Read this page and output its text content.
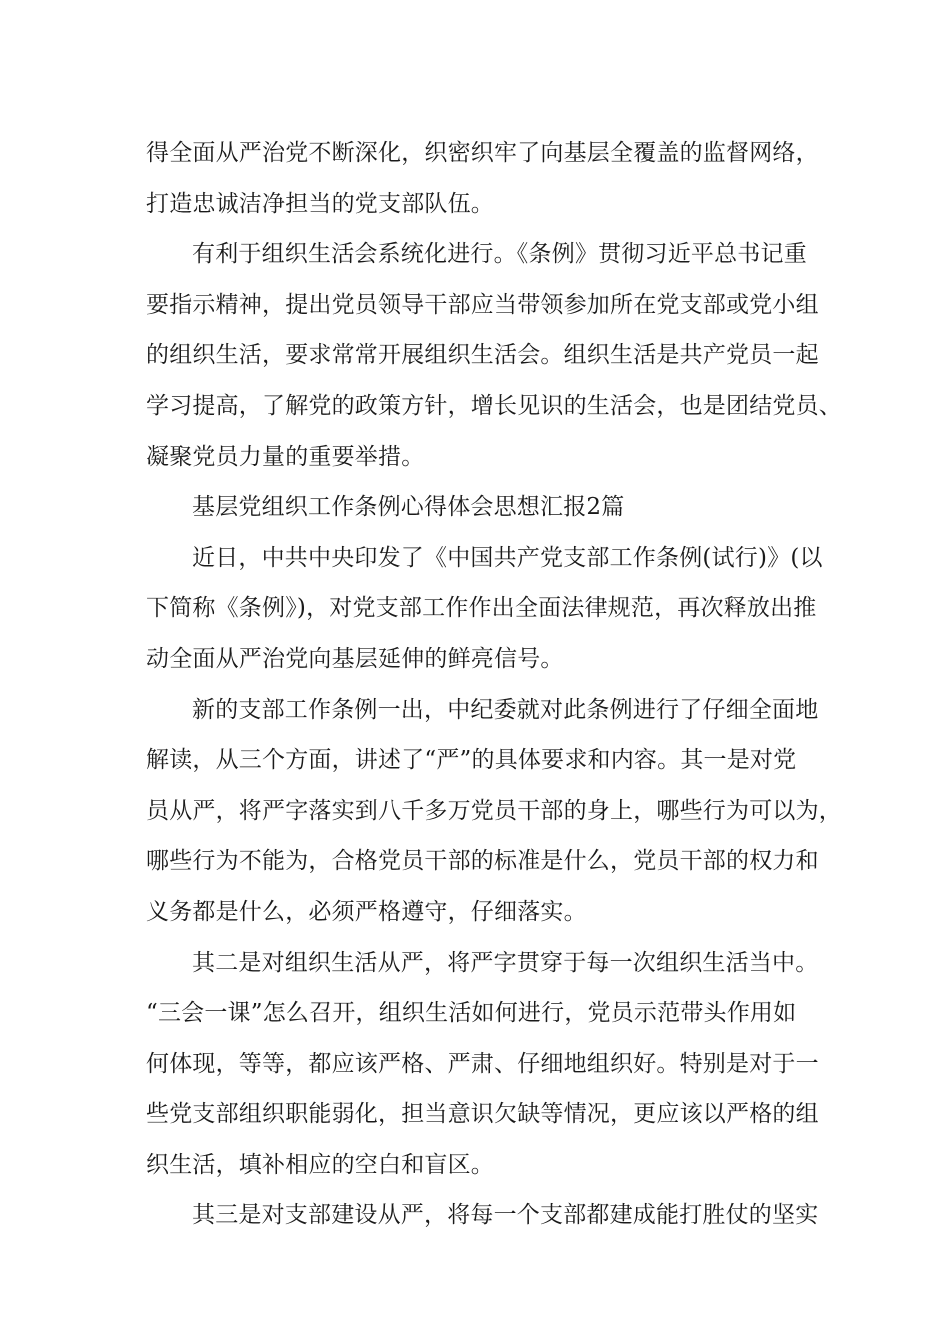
得全面从严治党不断深化，织密织牢了向基层全覆盖的监督网络，
打造忠诚洁净担当的党支部队伍。

有利于组织生活会系统化进行。《条例》贯彻习近平总书记重
要指示精神，提出党员领导干部应当带领参加所在党支部或党小组
的组织生活，要求常常开展组织生活会。组织生活是共产党员一起
学习提高，了解党的政策方针，增长见识的生活会，也是团结党员、
凝聚党员力量的重要举措。

基层党组织工作条例心得体会思想汇报2篇

近日，中共中央印发了《中国共产党支部工作条例(试行)》(以
下简称《条例》)，对党支部工作作出全面法律规范，再次释放出推
动全面从严治党向基层延伸的鲜亮信号。

新的支部工作条例一出，中纪委就对此条例进行了仔细全面地
解读，从三个方面，讲述了“严”的具体要求和内容。其一是对党
员从严，将严字落实到八千多万党员干部的身上，哪些行为可以为，
哪些行为不能为，合格党员干部的标准是什么，党员干部的权力和
义务都是什么，必须严格遵守，仔细落实。

其二是对组织生活从严，将严字贯穿于每一次组织生活当中。
“三会一课”怎么召开，组织生活如何进行，党员示范带头作用如
何体现，等等，都应该严格、严肃、仔细地组织好。特别是对于一
些党支部组织职能弱化，担当意识欠缺等情况，更应该以严格的组
织生活，填补相应的空白和盲区。

其三是对支部建设从严，将每一个支部都建成能打胜仗的坚实
